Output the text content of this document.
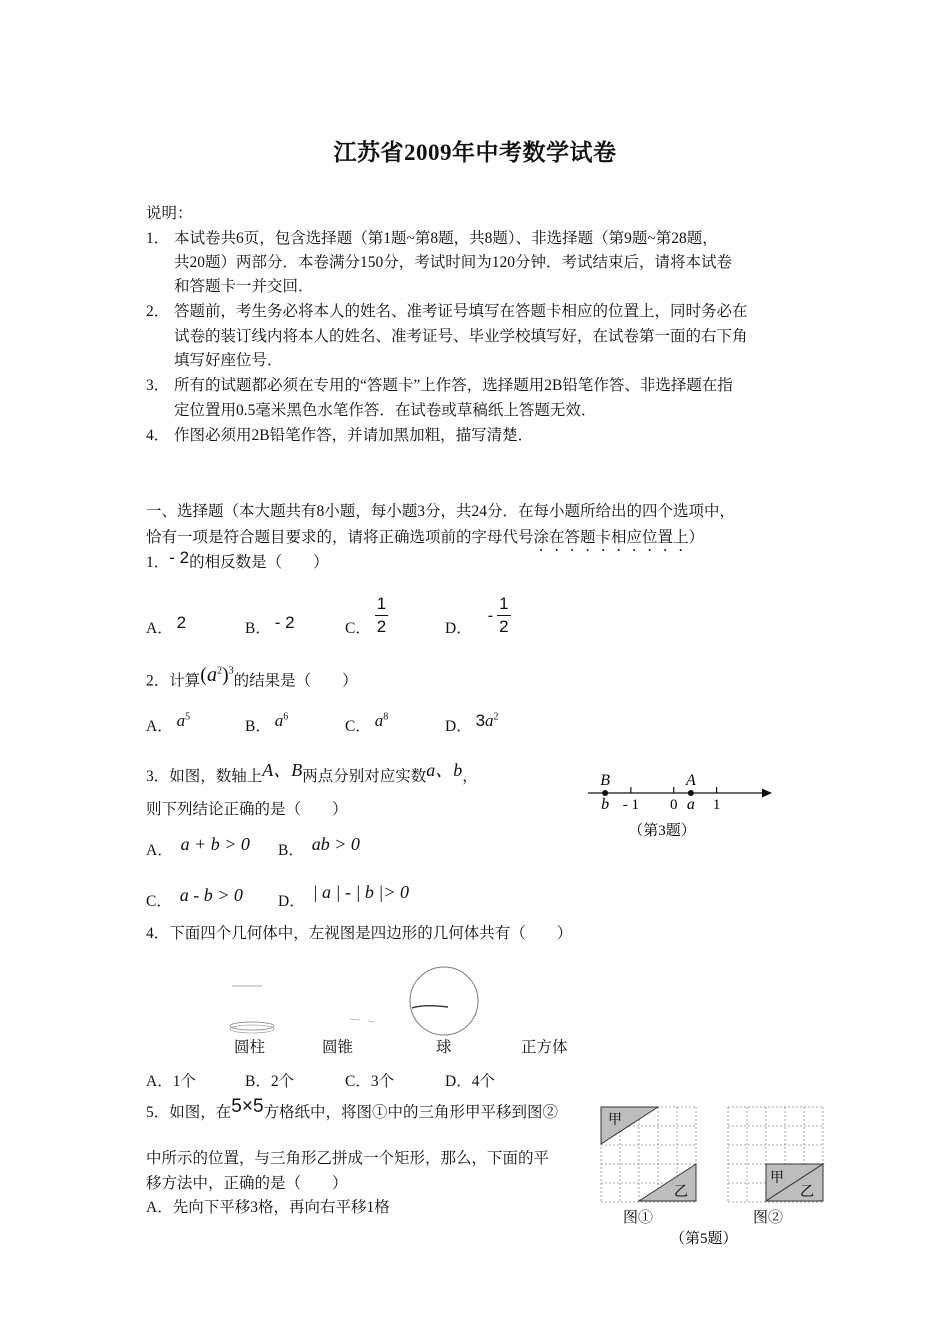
江苏省2009年中考数学试卷
说明：
1． 本试卷共6页，包含选择题（第1题~第8题，共8题）、非选择题（第9题~第28题，
共20题）两部分．本卷满分150分，考试时间为120分钟．考试结束后，请将本试卷
和答题卡一并交回．
2． 答题前，考生务必将本人的姓名、准考证号填写在答题卡相应的位置上，同时务必在
试卷的装订线内将本人的姓名、准考证号、毕业学校填写好，在试卷第一面的右下角
填写好座位号．
3． 所有的试题都必须在专用的“答题卡”上作答，选择题用2B铅笔作答、非选择题在指
定位置用0.5毫米黑色水笔作答．在试卷或草稿纸上答题无效．
4． 作图必须用2B铅笔作答，并请加黑加粗，描写清楚．
一、选择题（本大题共有8小题，每小题3分，共24分．在每小题所给出的四个选项中，
恰有一项是符合题目要求的，请将正确选项前的字母代号涂在答题卡相应位置上）
1．- 2的相反数是（　　）
A． 2	B． - 2	C． $\frac{1}{2}$	D． - $\frac{1}{2}$
2．计算$(a^2)^3$的结果是（　　）
A． $a^5$
B． $a^6$
C． $a^8$
D． $3a^2$
3．如图，数轴上A、B两点分别对应实数a、b，
则下列结论正确的是（　　）
A． a + b > 0 B． ab > 0
C． a - b > 0 D． | a | - | b |> 0
B	A
b	a
- 1 0 1
（第3题）
4．下面四个几何体中，左视图是四边形的几何体共有（　　）
圆柱	圆锥	球	正方体
A．1个	B．2个	C．3个	D．4个
5．如图，在5×5方格纸中，将图①中的三角形甲平移到图②
中所示的位置，与三角形乙拼成一个矩形，那么，下面的平
移方法中，正确的是（　　）
A．先向下平移3格，再向右平移1格
甲
乙
图①
甲
乙
图②
（第5题）
